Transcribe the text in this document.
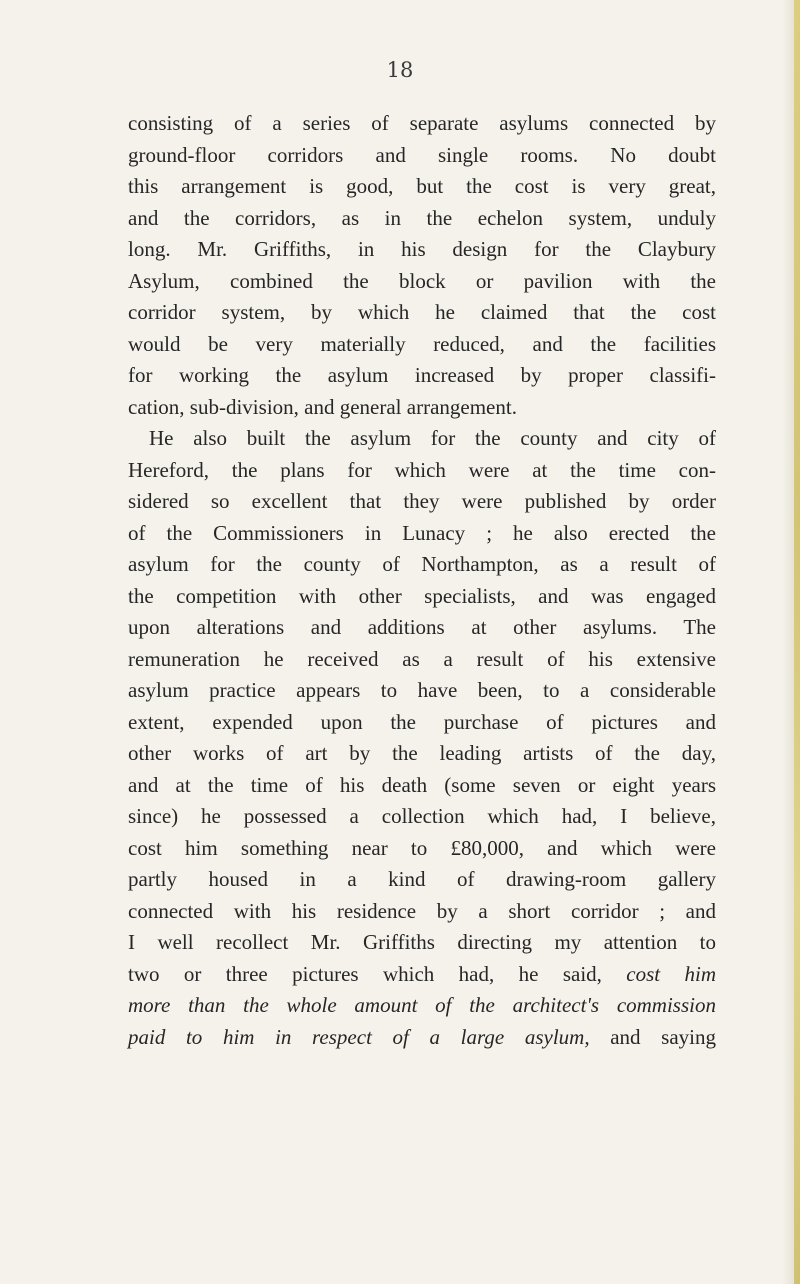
18
consisting of a series of separate asylums connected by
ground-floor corridors and single rooms. No doubt
this arrangement is good, but the cost is very great,
and the corridors, as in the echelon system, unduly
long. Mr. Griffiths, in his design for the Claybury
Asylum, combined the block or pavilion with the
corridor system, by which he claimed that the cost
would be very materially reduced, and the facilities
for working the asylum increased by proper classifi-
cation, sub-division, and general arrangement.
He also built the asylum for the county and city of
Hereford, the plans for which were at the time con-
sidered so excellent that they were published by order
of the Commissioners in Lunacy ; he also erected the
asylum for the county of Northampton, as a result of
the competition with other specialists, and was engaged
upon alterations and additions at other asylums. The
remuneration he received as a result of his extensive
asylum practice appears to have been, to a considerable
extent, expended upon the purchase of pictures and
other works of art by the leading artists of the day,
and at the time of his death (some seven or eight years
since) he possessed a collection which had, I believe,
cost him something near to £80,000, and which were
partly housed in a kind of drawing-room gallery
connected with his residence by a short corridor ; and
I well recollect Mr. Griffiths directing my attention to
two or three pictures which had, he said, cost him
more than the whole amount of the architect's commission
paid to him in respect of a large asylum, and saying
